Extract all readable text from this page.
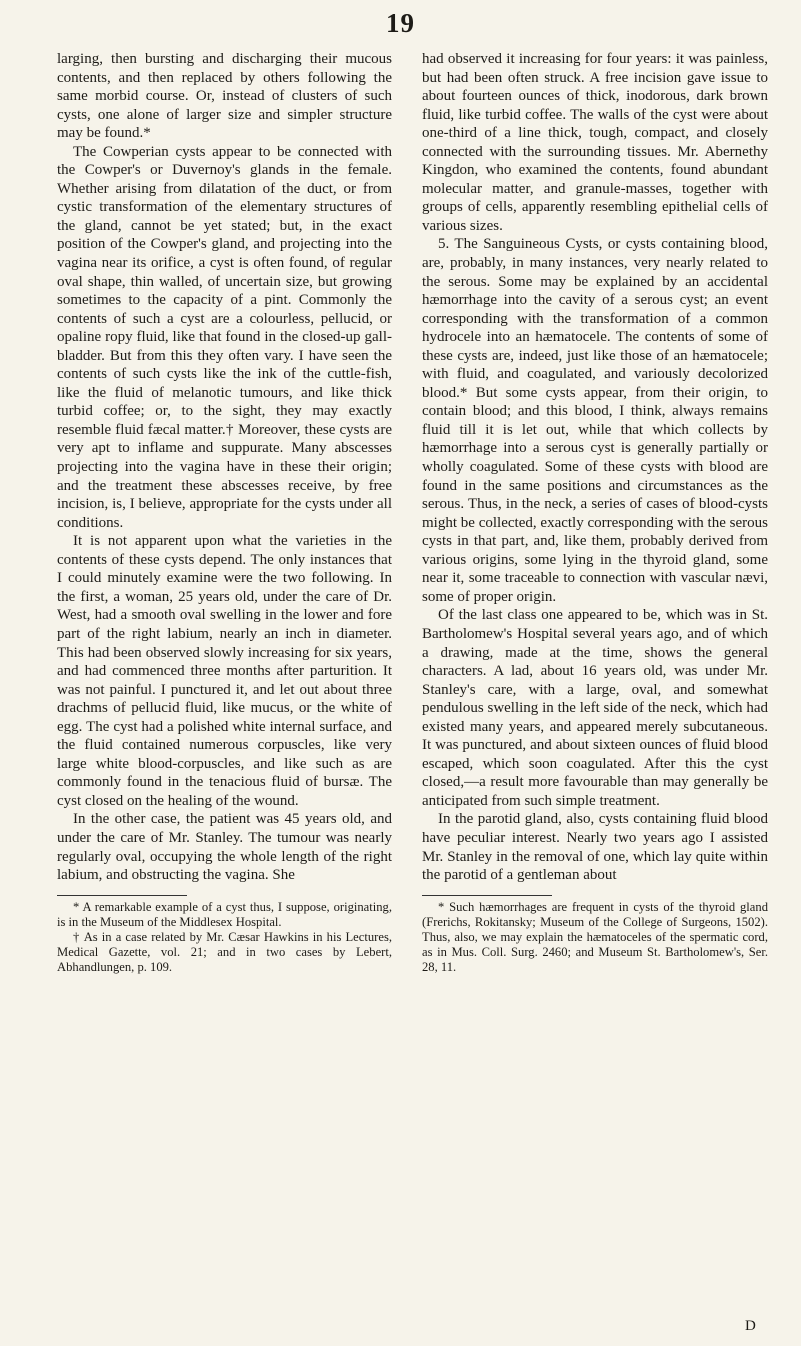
19

larging, then bursting and discharging their mucous contents, and then replaced by others following the same morbid course. Or, instead of clusters of such cysts, one alone of larger size and simpler structure may be found.*

The Cowperian cysts appear to be connected with the Cowper's or Duvernoy's glands in the female. Whether arising from dilatation of the duct, or from cystic transformation of the elementary structures of the gland, cannot be yet stated; but, in the exact position of the Cowper's gland, and projecting into the vagina near its orifice, a cyst is often found, of regular oval shape, thin walled, of uncertain size, but growing sometimes to the capacity of a pint. Commonly the contents of such a cyst are a colourless, pellucid, or opaline ropy fluid, like that found in the closed-up gall-bladder. But from this they often vary. I have seen the contents of such cysts like the ink of the cuttle-fish, like the fluid of melanotic tumours, and like thick turbid coffee; or, to the sight, they may exactly resemble fluid fæcal matter.† Moreover, these cysts are very apt to inflame and suppurate. Many abscesses projecting into the vagina have in these their origin; and the treatment these abscesses receive, by free incision, is, I believe, appropriate for the cysts under all conditions.

It is not apparent upon what the varieties in the contents of these cysts depend. The only instances that I could minutely examine were the two following. In the first, a woman, 25 years old, under the care of Dr. West, had a smooth oval swelling in the lower and fore part of the right labium, nearly an inch in diameter. This had been observed slowly increasing for six years, and had commenced three months after parturition. It was not painful. I punctured it, and let out about three drachms of pellucid fluid, like mucus, or the white of egg. The cyst had a polished white internal surface, and the fluid contained numerous corpuscles, like very large white blood-corpuscles, and like such as are commonly found in the tenacious fluid of bursæ. The cyst closed on the healing of the wound.

In the other case, the patient was 45 years old, and under the care of Mr. Stanley. The tumour was nearly regularly oval, occupying the whole length of the right labium, and obstructing the vagina. She

* A remarkable example of a cyst thus, I suppose, originating, is in the Museum of the Middlesex Hospital.

† As in a case related by Mr. Cæsar Hawkins in his Lectures, Medical Gazette, vol. 21; and in two cases by Lebert, Abhandlungen, p. 109.

had observed it increasing for four years: it was painless, but had been often struck. A free incision gave issue to about fourteen ounces of thick, inodorous, dark brown fluid, like turbid coffee. The walls of the cyst were about one-third of a line thick, tough, compact, and closely connected with the surrounding tissues. Mr. Abernethy Kingdon, who examined the contents, found abundant molecular matter, and granule-masses, together with groups of cells, apparently resembling epithelial cells of various sizes.

5. The Sanguineous Cysts, or cysts containing blood, are, probably, in many instances, very nearly related to the serous. Some may be explained by an accidental hæmorrhage into the cavity of a serous cyst; an event corresponding with the transformation of a common hydrocele into an hæmatocele. The contents of some of these cysts are, indeed, just like those of an hæmatocele; with fluid, and coagulated, and variously decolorized blood.* But some cysts appear, from their origin, to contain blood; and this blood, I think, always remains fluid till it is let out, while that which collects by hæmorrhage into a serous cyst is generally partially or wholly coagulated. Some of these cysts with blood are found in the same positions and circumstances as the serous. Thus, in the neck, a series of cases of blood-cysts might be collected, exactly corresponding with the serous cysts in that part, and, like them, probably derived from various origins, some lying in the thyroid gland, some near it, some traceable to connection with vascular nævi, some of proper origin.

Of the last class one appeared to be, which was in St. Bartholomew's Hospital several years ago, and of which a drawing, made at the time, shows the general characters. A lad, about 16 years old, was under Mr. Stanley's care, with a large, oval, and somewhat pendulous swelling in the left side of the neck, which had existed many years, and appeared merely subcutaneous. It was punctured, and about sixteen ounces of fluid blood escaped, which soon coagulated. After this the cyst closed,—a result more favourable than may generally be anticipated from such simple treatment.

In the parotid gland, also, cysts containing fluid blood have peculiar interest. Nearly two years ago I assisted Mr. Stanley in the removal of one, which lay quite within the parotid of a gentleman about

* Such hæmorrhages are frequent in cysts of the thyroid gland (Frerichs, Rokitansky; Museum of the College of Surgeons, 1502). Thus, also, we may explain the hæmatoceles of the spermatic cord, as in Mus. Coll. Surg. 2460; and Museum St. Bartholomew's, Ser. 28, 11.

D
